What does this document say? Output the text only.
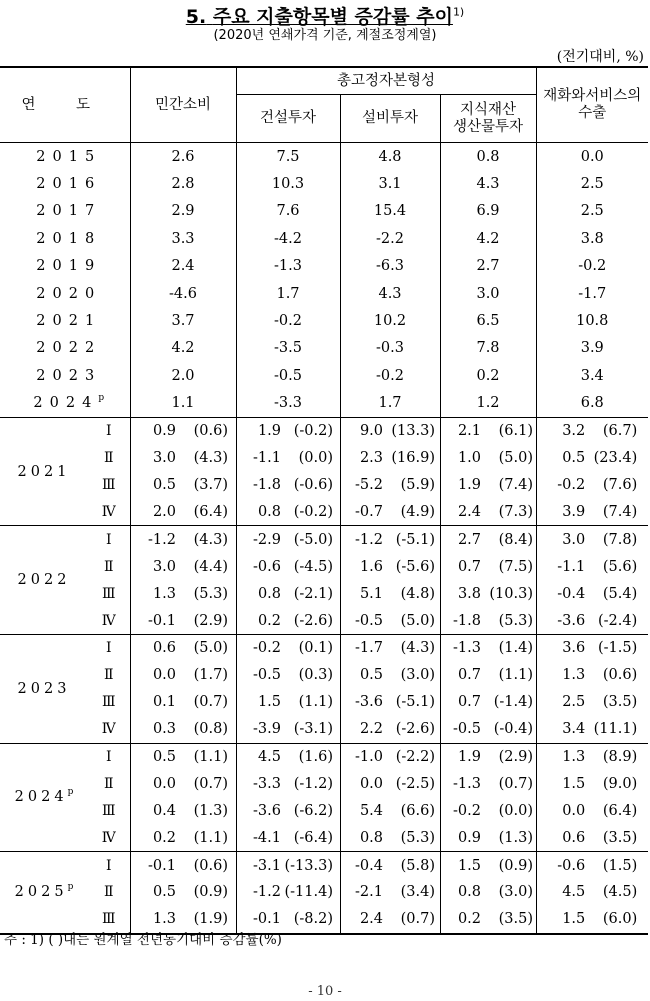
5. 주요 지출항목별 증감률 추이$^{1)}$
(2020년 연쇄가격 기준, 계절조정계열)
(전기대비, %)
연 도		민간소비	총고정자본형성			재화와서비스의
수출

			건설투자	설비투자	지식재산
생산물투자	

2015		2.6	7.5	4.8	0.8	0.0
2016		2.8	10.3	3.1	4.3	2.5
2017		2.9	7.6	15.4	6.9	2.5
2018		3.3	-4.2	-2.2	4.2	3.8
2019		2.4	-1.3	-6.3	2.7	-0.2
2020		-4.6	1.7	4.3	3.0	-1.7
2021		3.7	-0.2	10.2	6.5	10.8
2022		4.2	-3.5	-0.3	7.8	3.9
2023		2.0	-0.5	-0.2	0.2	3.4
2024$^p$		1.1	-3.3	1.7	1.2	6.8
2021	Ⅰ	0.9 (0.6)	1.9 (-0.2)	9.0 (13.3)	2.1 (6.1)	3.2 (6.7)
	Ⅱ	3.0 (4.3)	-1.1 (0.0)	2.3 (16.9)	1.0 (5.0)	0.5 (23.4)
	Ⅲ	0.5 (3.7)	-1.8 (-0.6)	-5.2 (5.9)	1.9 (7.4)	-0.2 (7.6)
	Ⅳ	2.0 (6.4)	0.8 (-0.2)	-0.7 (4.9)	2.4 (7.3)	3.9 (7.4)
2022	Ⅰ	-1.2 (4.3)	-2.9 (-5.0)	-1.2 (-5.1)	2.7 (8.4)	3.0 (7.8)
	Ⅱ	3.0 (4.4)	-0.6 (-4.5)	1.6 (-5.6)	0.7 (7.5)	-1.1 (5.6)
	Ⅲ	1.3 (5.3)	0.8 (-2.1)	5.1 (4.8)	3.8 (10.3)	-0.4 (5.4)
	Ⅳ	-0.1 (2.9)	0.2 (-2.6)	-0.5 (5.0)	-1.8 (5.3)	-3.6 (-2.4)
2023	Ⅰ	0.6 (5.0)	-0.2 (0.1)	-1.7 (4.3)	-1.3 (1.4)	3.6 (-1.5)
	Ⅱ	0.0 (1.7)	-0.5 (0.3)	0.5 (3.0)	0.7 (1.1)	1.3 (0.6)
	Ⅲ	0.1 (0.7)	1.5 (1.1)	-3.6 (-5.1)	0.7 (-1.4)	2.5 (3.5)
	Ⅳ	0.3 (0.8)	-3.9 (-3.1)	2.2 (-2.6)	-0.5 (-0.4)	3.4 (11.1)
2024$^p$	Ⅰ	0.5 (1.1)	4.5 (1.6)	-1.0 (-2.2)	1.9 (2.9)	1.3 (8.9)
	Ⅱ	0.0 (0.7)	-3.3 (-1.2)	0.0 (-2.5)	-1.3 (0.7)	1.5 (9.0)
	Ⅲ	0.4 (1.3)	-3.6 (-6.2)	5.4 (6.6)	-0.2 (0.0)	0.0 (6.4)
	Ⅳ	0.2 (1.1)	-4.1 (-6.4)	0.8 (5.3)	0.9 (1.3)	0.6 (3.5)
2025$^p$	Ⅰ	-0.1 (0.6)	-3.1 (-13.3)	-0.4 (5.8)	1.5 (0.9)	-0.6 (1.5)
	Ⅱ	0.5 (0.9)	-1.2 (-11.4)	-2.1 (3.4)	0.8 (3.0)	4.5 (4.5)
	Ⅲ	1.3 (1.9)	-0.1 (-8.2)	2.4 (0.7)	0.2 (3.5)	1.5 (6.0)
주 : 1) ( )내는 원계열 전년동기대비 증감률(%)
- 10 -
